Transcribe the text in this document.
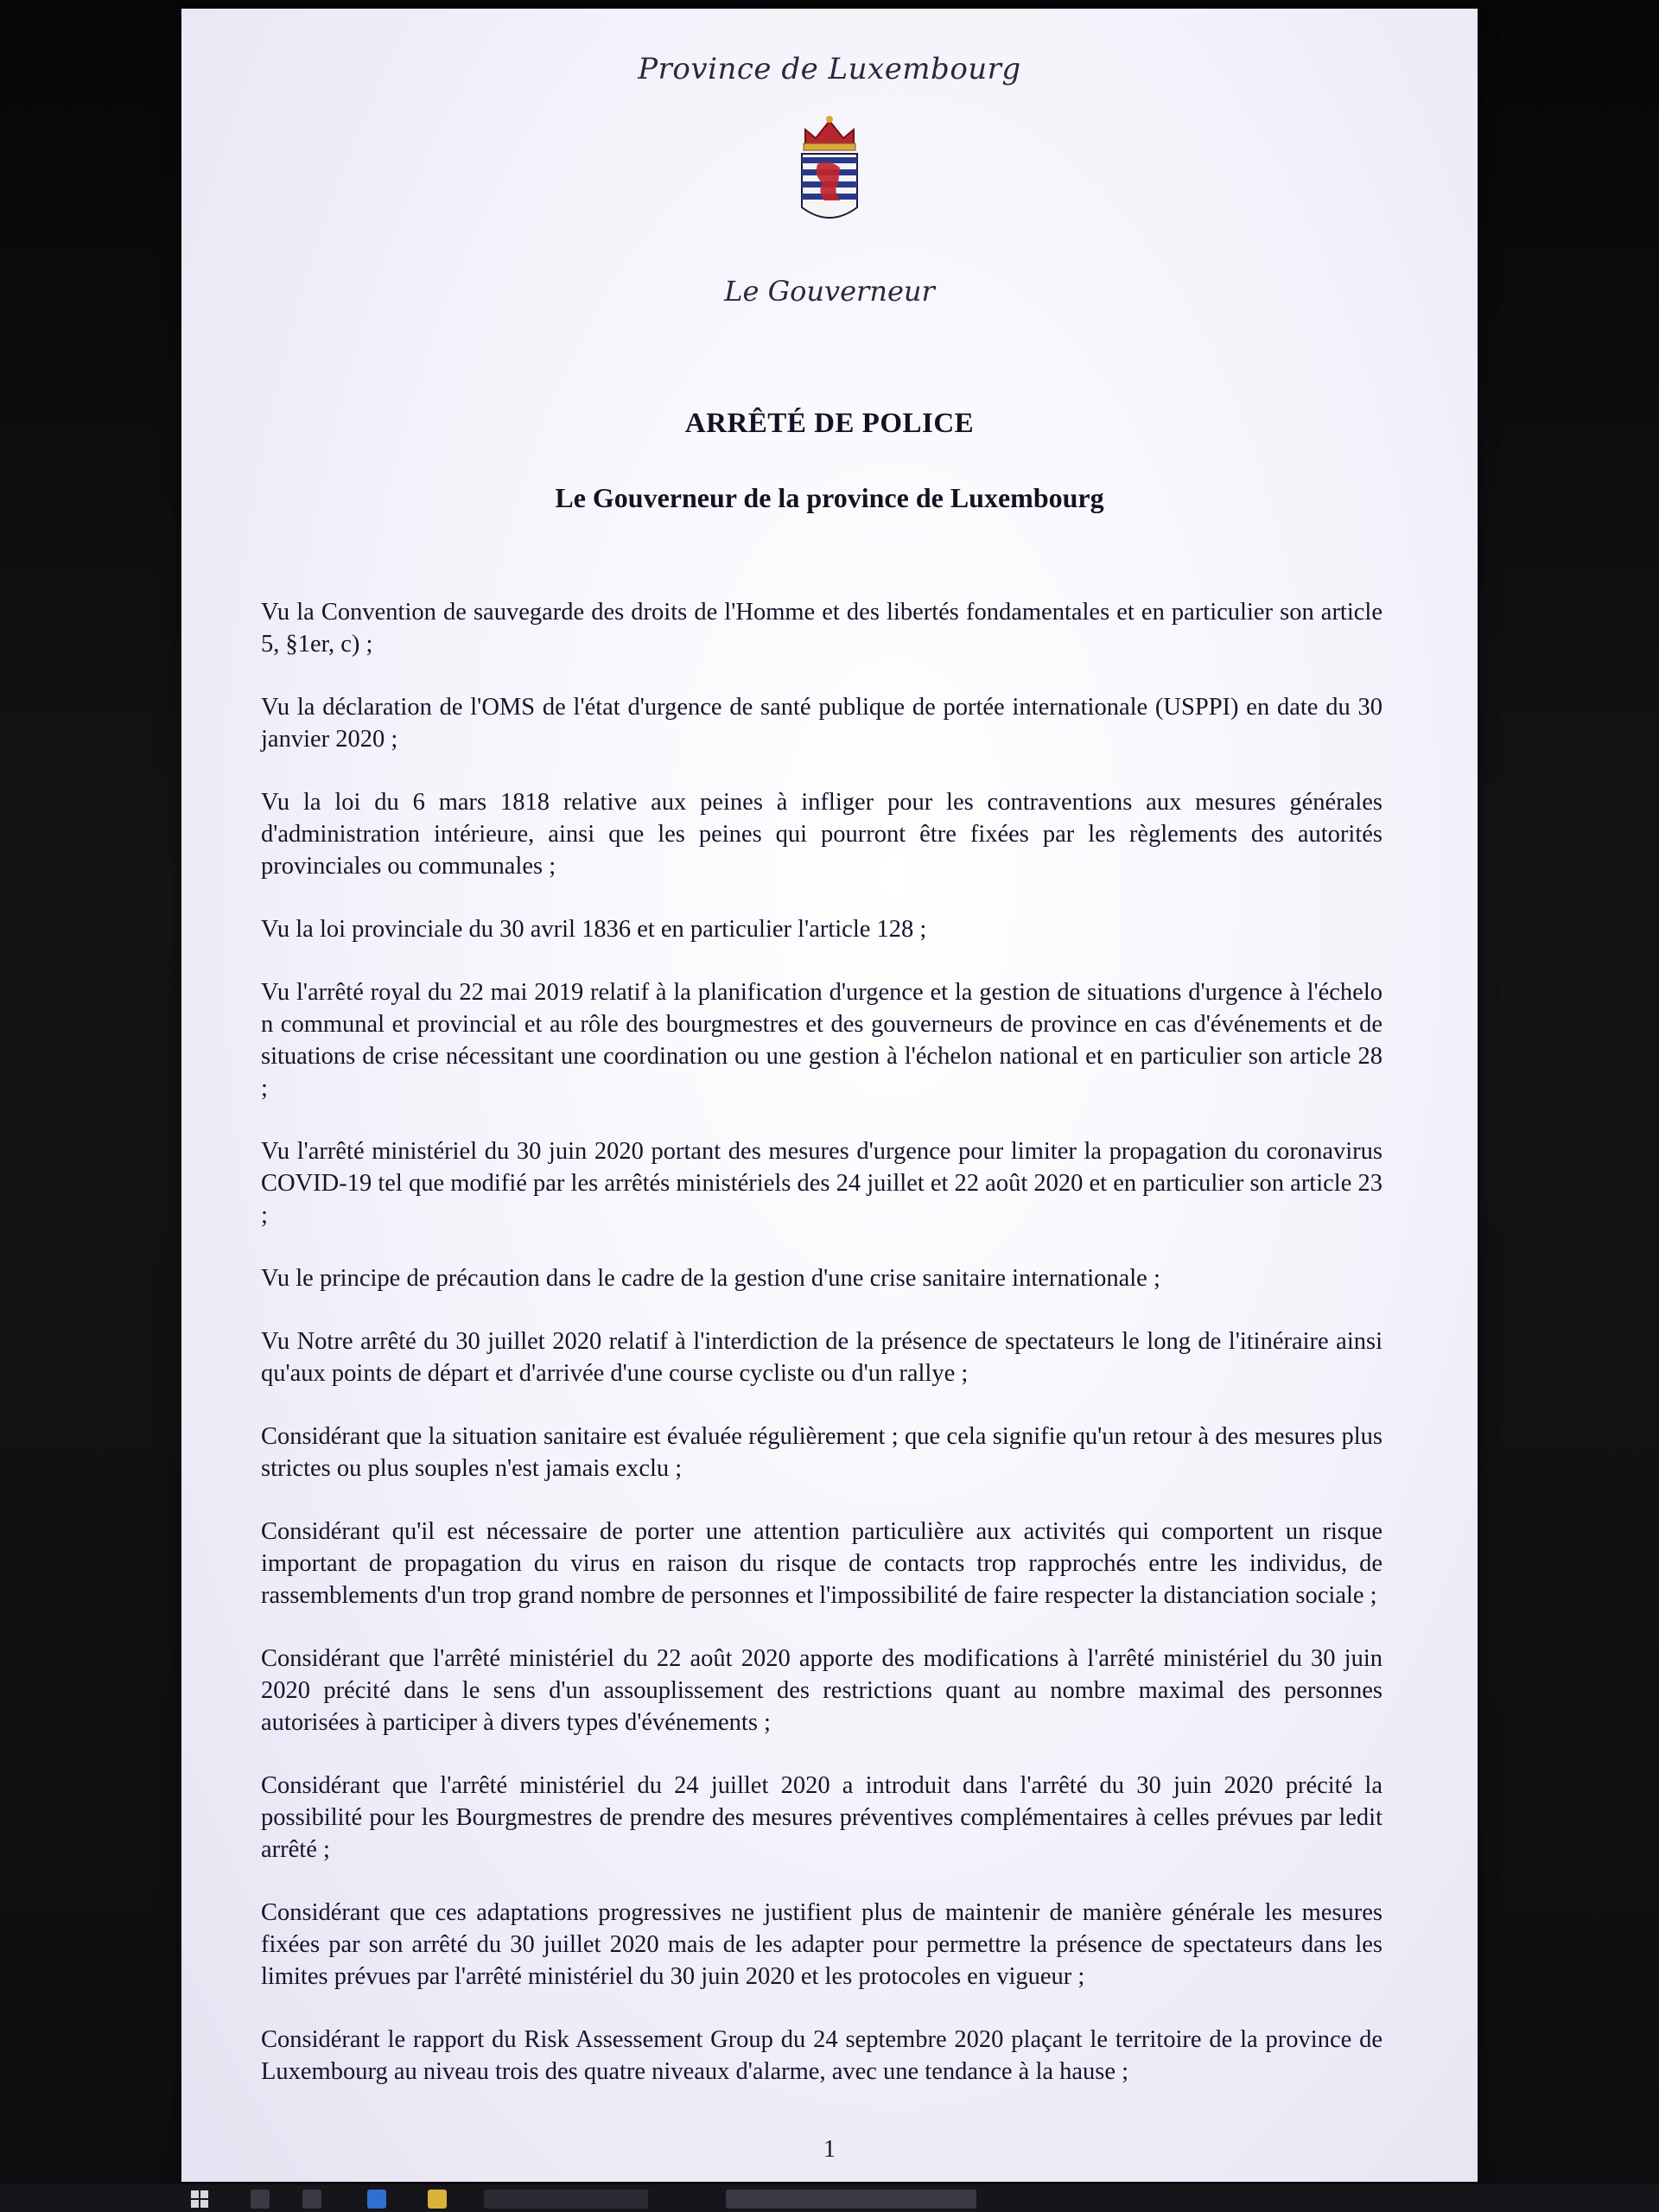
Province de Luxembourg
Le Gouverneur
ARRÊTÉ DE POLICE
Le Gouverneur de la province de Luxembourg

Vu la Convention de sauvegarde des droits de l'Homme et des libertés fondamentales et en particulier son article 5, §1er, c) ;

Vu la déclaration de l'OMS de l'état d'urgence de santé publique de portée internationale (USPPI) en date du 30 janvier 2020 ;

Vu la loi du 6 mars 1818 relative aux peines à infliger pour les contraventions aux mesures générales d'administration intérieure, ainsi que les peines qui pourront être fixées par les règlements des autorités provinciales ou communales ;

Vu la loi provinciale du 30 avril 1836 et en particulier l'article 128 ;

Vu l'arrêté royal du 22 mai 2019 relatif à la planification d'urgence et la gestion de situations d'urgence à l'échelo n communal et provincial et au rôle des bourgmestres et des gouverneurs de province en cas d'événements et de situations de crise nécessitant une coordination ou une gestion à l'échelon national et en particulier son article 28 ;

Vu l'arrêté ministériel du 30 juin 2020 portant des mesures d'urgence pour limiter la propagation du coronavirus COVID-19 tel que modifié par les arrêtés ministériels des 24 juillet et 22 août 2020 et en particulier son article 23 ;

Vu le principe de précaution dans le cadre de la gestion d'une crise sanitaire internationale ;

Vu Notre arrêté du 30 juillet 2020 relatif à l'interdiction de la présence de spectateurs le long de l'itinéraire ainsi qu'aux points de départ et d'arrivée d'une course cycliste ou d'un rallye ;

Considérant que la situation sanitaire est évaluée régulièrement ; que cela signifie qu'un retour à des mesures plus strictes ou plus souples n'est jamais exclu ;

Considérant qu'il est nécessaire de porter une attention particulière aux activités qui comportent un risque important de propagation du virus en raison du risque de contacts trop rapprochés entre les individus, de rassemblements d'un trop grand nombre de personnes et l'impossibilité de faire respecter la distanciation sociale ;

Considérant que l'arrêté ministériel du 22 août 2020 apporte des modifications à l'arrêté ministériel du 30 juin 2020 précité dans le sens d'un assouplissement des restrictions quant au nombre maximal des personnes autorisées à participer à divers types d'événements ;

Considérant que l'arrêté ministériel du 24 juillet 2020 a introduit dans l'arrêté du 30 juin 2020 précité la possibilité pour les Bourgmestres de prendre des mesures préventives complémentaires à celles prévues par ledit arrêté ;

Considérant que ces adaptations progressives ne justifient plus de maintenir de manière générale les mesures fixées par son arrêté du 30 juillet 2020 mais de les adapter pour permettre la présence de spectateurs dans les limites prévues par l'arrêté ministériel du 30 juin 2020 et les protocoles en vigueur ;

Considérant le rapport du Risk Assessement Group du 24 septembre 2020 plaçant le territoire de la province de Luxembourg au niveau trois des quatre niveaux d'alarme, avec une tendance à la hause ;

1
